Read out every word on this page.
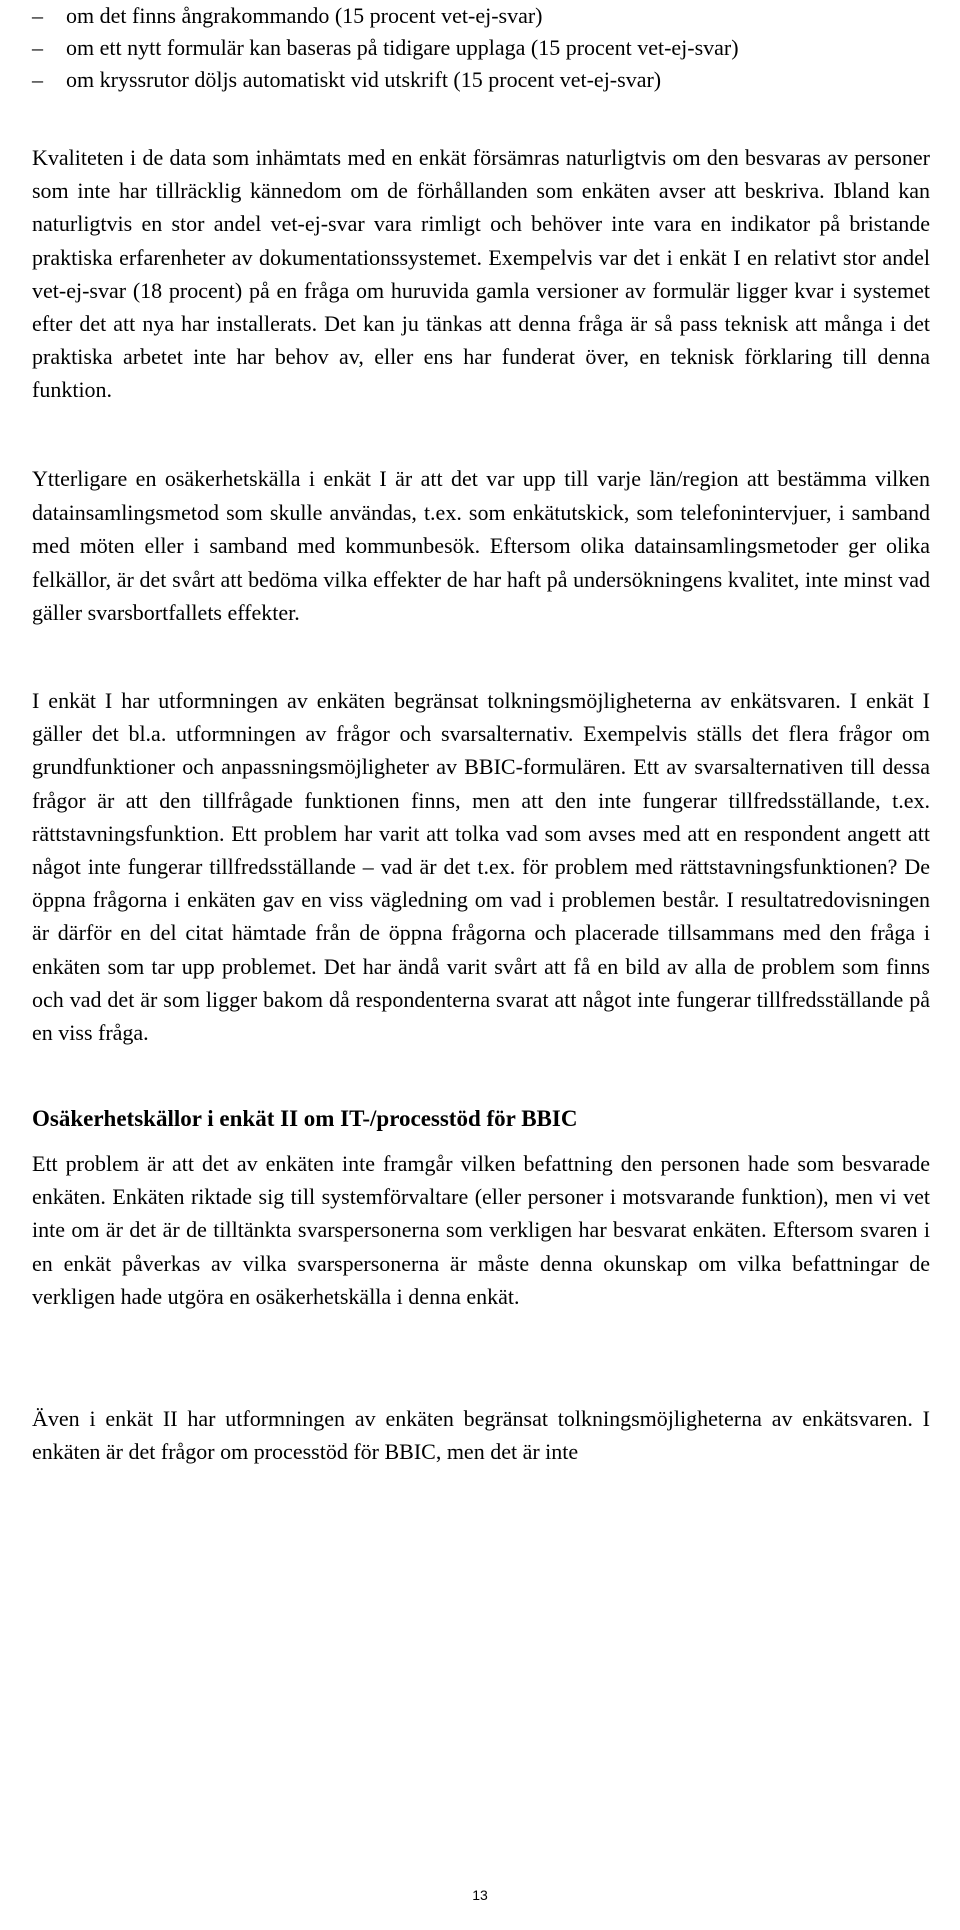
– om det finns ångrakommando (15 procent vet-ej-svar)
– om ett nytt formulär kan baseras på tidigare upplaga (15 procent vet-ej-svar)
– om kryssrutor döljs automatiskt vid utskrift (15 procent vet-ej-svar)

Kvaliteten i de data som inhämtats med en enkät försämras naturligtvis om den besvaras av personer som inte har tillräcklig kännedom om de förhållanden som enkäten avser att beskriva. Ibland kan naturligtvis en stor andel vet-ej-svar vara rimligt och behöver inte vara en indikator på bristande praktiska erfarenheter av dokumentationssystemet. Exempelvis var det i enkät I en relativt stor andel vet-ej-svar (18 procent) på en fråga om huruvida gamla versioner av formulär ligger kvar i systemet efter det att nya har installerats. Det kan ju tänkas att denna fråga är så pass teknisk att många i det praktiska arbetet inte har behov av, eller ens har funderat över, en teknisk förklaring till denna funktion.

Ytterligare en osäkerhetskälla i enkät I är att det var upp till varje län/region att bestämma vilken datainsamlingsmetod som skulle användas, t.ex. som enkätutskick, som telefonintervjuer, i samband med möten eller i samband med kommunbesök. Eftersom olika datainsamlingsmetoder ger olika felkällor, är det svårt att bedöma vilka effekter de har haft på undersökningens kvalitet, inte minst vad gäller svarsbortfallets effekter.

I enkät I har utformningen av enkäten begränsat tolkningsmöjligheterna av enkätsvaren. I enkät I gäller det bl.a. utformningen av frågor och svarsalternativ. Exempelvis ställs det flera frågor om grundfunktioner och anpassningsmöjligheter av BBIC-formulären. Ett av svarsalternativen till dessa frågor är att den tillfrågade funktionen finns, men att den inte fungerar tillfredsställande, t.ex. rättstavningsfunktion. Ett problem har varit att tolka vad som avses med att en respondent angett att något inte fungerar tillfredsställande – vad är det t.ex. för problem med rättstavningsfunktionen? De öppna frågorna i enkäten gav en viss vägledning om vad i problemen består. I resultatredovisningen är därför en del citat hämtade från de öppna frågorna och placerade tillsammans med den fråga i enkäten som tar upp problemet. Det har ändå varit svårt att få en bild av alla de problem som finns och vad det är som ligger bakom då respondenterna svarat att något inte fungerar tillfredsställande på en viss fråga.

Osäkerhetskällor i enkät II om IT-/processtöd för BBIC

Ett problem är att det av enkäten inte framgår vilken befattning den personen hade som besvarade enkäten. Enkäten riktade sig till systemförvaltare (eller personer i motsvarande funktion), men vi vet inte om är det är de tilltänkta svarspersonerna som verkligen har besvarat enkäten. Eftersom svaren i en enkät påverkas av vilka svarspersonerna är måste denna okunskap om vilka befattningar de verkligen hade utgöra en osäkerhetskälla i denna enkät.

Även i enkät II har utformningen av enkäten begränsat tolkningsmöjligheterna av enkätsvaren. I enkäten är det frågor om processtöd för BBIC, men det är inte

13
